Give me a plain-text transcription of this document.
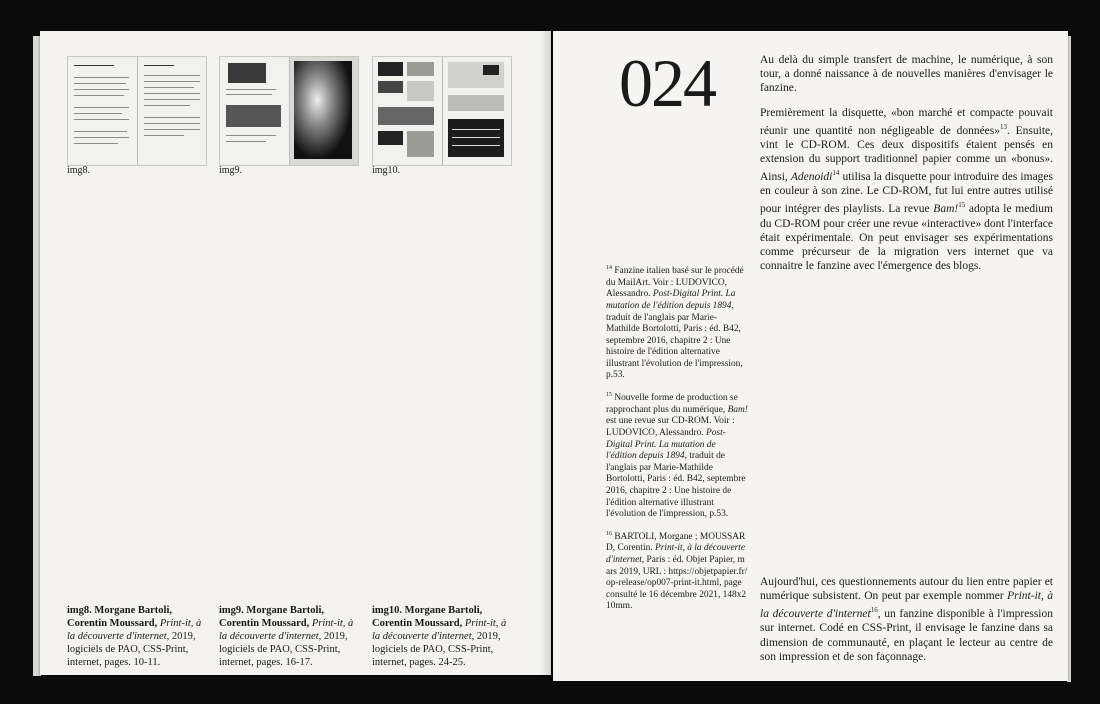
img8.	img9.	img10.
img8. Morgane Bartoli, Corentin Moussard, Print-it, à la découverte d'internet, 2019, logiciels de PAO, CSS-Print, internet, pages. 10-11.
img9. Morgane Bartoli, Corentin Moussard, Print-it, à la découverte d'internet, 2019, logiciels de PAO, CSS-Print, internet, pages. 16-17.
img10. Morgane Bartoli, Corentin Moussard, Print-it, à la découverte d'internet, 2019, logiciels de PAO, CSS-Print, internet, pages. 24-25.
024	Au delà du simple transfert de machine, le numérique, à son tour, a donné naissance à de nouvelles manières d'envisager le fanzine.

Premièrement la disquette, «bon marché et compacte pouvait réunir une quantité non négligeable de données»$^{13}$. Ensuite, vint le CD-ROM. Ces deux dispositifs étaient pensés en extension du support traditionnel papier comme un «bonus». Ainsi, Adenoidi$^{14}$ utilisa la disquette pour introduire des images en couleur à son zine. Le CD-ROM, fut lui entre autres utilisé pour intégrer des playlists. La revue Bam!$^{15}$ adopta le medium du CD-ROM pour créer une revue «interactive» dont l'interface était expérimentale. On peut envisager ses expérimentations comme précurseur de la migration vers internet que va connaitre le fanzine avec l'émergence des blogs.

$^{14}$ Fanzine italien basé sur le procédé du MailArt. Voir : LUDOVICO, Alessandro. Post-Digital Print. La mutation de l'édition depuis 1894, traduit de l'anglais par Marie-Mathilde Bortolotti, Paris : éd. B42, septembre 2016, chapitre 2 : Une histoire de l'édition alternative illustrant l'évolution de l'impression, p.53.
$^{15}$ Nouvelle forme de production se rapprochant plus du numérique, Bam! est une revue sur CD-ROM. Voir : LUDOVICO, Alessandro. Post-Digital Print. La mutation de l'édition depuis 1894, traduit de l'anglais par Marie-Mathilde Bortolotti, Paris : éd. B42, septembre 2016, chapitre 2 : Une histoire de l'édition alternative illustrant l'évolution de l'impression, p.53.
$^{16}$ BARTOLI, Morgane ; MOUSSARD, Corentin. Print-it, à la découverte d'internet, Paris : éd. Objet Papier, mars 2019, URL : https://objetpapier.fr/op-release/op007-print-it.html, page consulté le 16 décembre 2021, 148x210mm.

Aujourd'hui, ces questionnements autour du lien entre papier et numérique subsistent. On peut par exemple nommer Print-it, à la découverte d'internet$^{16}$, un fanzine disponible à l'impression sur internet. Codé en CSS-Print, il envisage le fanzine dans sa dimension de communauté, en plaçant le lecteur au centre de son impression et de son façonnage.
